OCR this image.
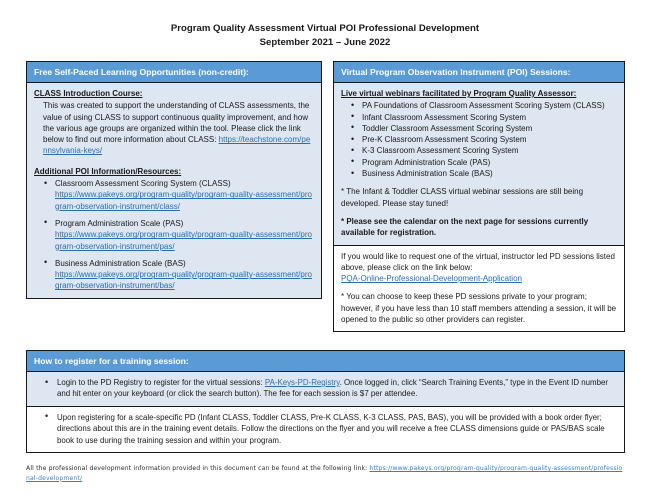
Program Quality Assessment Virtual POI Professional Development
September 2021 – June 2022
Free Self-Paced Learning Opportunities (non-credit):
CLASS Introduction Course:

This was created to support the understanding of CLASS assessments, the value of using CLASS to support continuous quality improvement, and how the various age groups are organized within the tool. Please click the link below to find out more information about CLASS: https://teachstone.com/pennsylvania-keys/

Additional POI Information/Resources:
• Classroom Assessment Scoring System (CLASS)
https://www.pakeys.org/program-quality/program-quality-assessment/program-observation-instrument/class/
• Program Administration Scale (PAS)
https://www.pakeys.org/program-quality/program-quality-assessment/program-observation-instrument/pas/
• Business Administration Scale (BAS)
https://www.pakeys.org/program-quality/program-quality-assessment/program-observation-instrument/bas/
Virtual Program Observation Instrument (POI) Sessions:
Live virtual webinars facilitated by Program Quality Assessor:
• PA Foundations of Classroom Assessment Scoring System (CLASS)
• Infant Classroom Assessment Scoring System
• Toddler Classroom Assessment Scoring System
• Pre-K Classroom Assessment Scoring System
• K-3 Classroom Assessment Scoring System
• Program Administration Scale (PAS)
• Business Administration Scale (BAS)

* The Infant & Toddler CLASS virtual webinar sessions are still being developed. Please stay tuned!

* Please see the calendar on the next page for sessions currently available for registration.

If you would like to request one of the virtual, instructor led PD sessions listed above, please click on the link below:

PQA-Online-Professional-Development-Application

* You can choose to keep these PD sessions private to your program; however, if you have less than 10 staff members attending a session, it will be opened to the public so other providers can register.

How to register for a training session:
• Login to the PD Registry to register for the virtual sessions: PA-Keys-PD-Registry. Once logged in, click “Search Training Events,” type in the Event ID number and hit enter on your keyboard (or click the search button). The fee for each session is $7 per attendee.
• Upon registering for a scale-specific PD (Infant CLASS, Toddler CLASS, Pre-K CLASS, K-3 CLASS, PAS, BAS), you will be provided with a book order flyer; directions about this are in the training event details. Follow the directions on the flyer and you will receive a free CLASS dimensions guide or PAS/BAS scale book to use during the training session and within your program.
All the professional development information provided in this document can be found at the following link: https://www.pakeys.org/program-quality/program-quality-assessment/professional-development/
